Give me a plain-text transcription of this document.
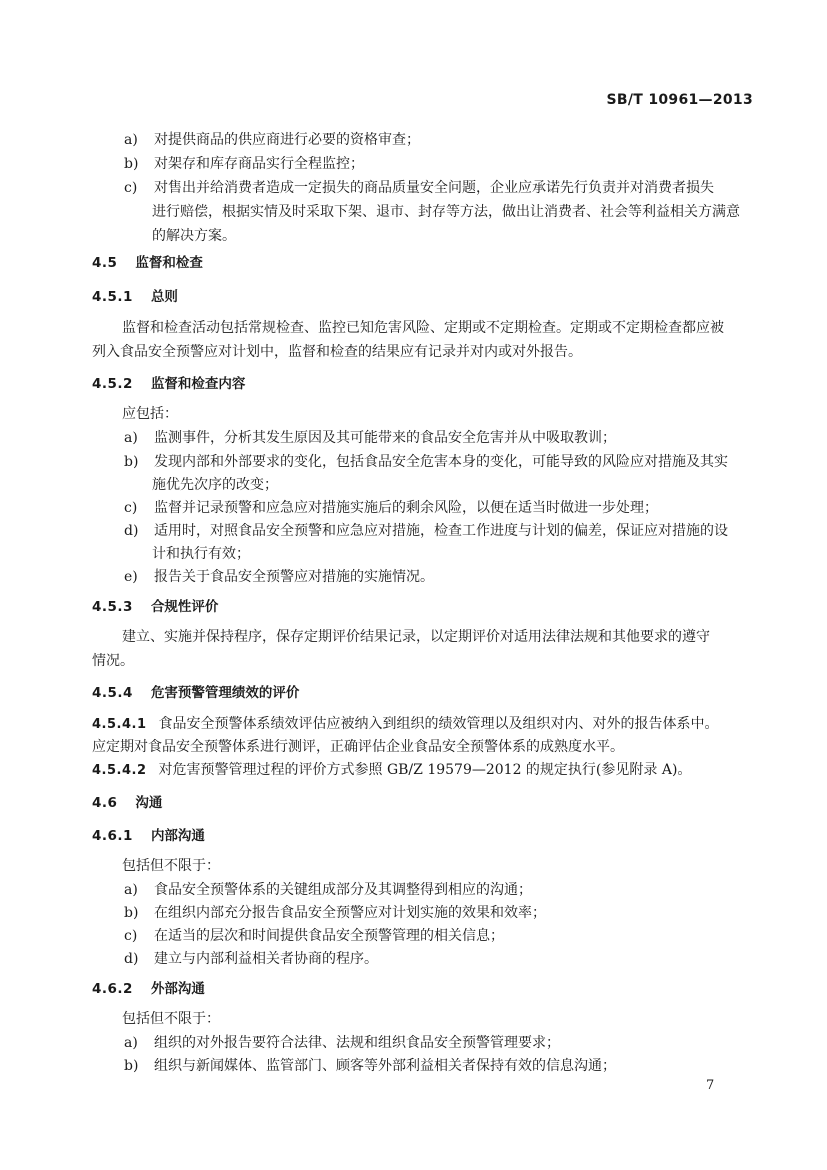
SB/T 10961—2013
a) 对提供商品的供应商进行必要的资格审查；
b) 对架存和库存商品实行全程监控；
c) 对售出并给消费者造成一定损失的商品质量安全问题，企业应承诺先行负责并对消费者损失
进行赔偿，根据实情及时采取下架、退市、封存等方法，做出让消费者、社会等利益相关方满意
的解决方案。
4.5 监督和检查
4.5.1 总则
监督和检查活动包括常规检查、监控已知危害风险、定期或不定期检查。定期或不定期检查都应被
列入食品安全预警应对计划中，监督和检查的结果应有记录并对内或对外报告。
4.5.2 监督和检查内容
应包括：
a) 监测事件，分析其发生原因及其可能带来的食品安全危害并从中吸取教训；
b) 发现内部和外部要求的变化，包括食品安全危害本身的变化，可能导致的风险应对措施及其实
施优先次序的改变；
c) 监督并记录预警和应急应对措施实施后的剩余风险，以便在适当时做进一步处理；
d) 适用时，对照食品安全预警和应急应对措施，检查工作进度与计划的偏差，保证应对措施的设
计和执行有效；
e) 报告关于食品安全预警应对措施的实施情况。
4.5.3 合规性评价
建立、实施并保持程序，保存定期评价结果记录，以定期评价对适用法律法规和其他要求的遵守
情况。
4.5.4 危害预警管理绩效的评价
4.5.4.1 食品安全预警体系绩效评估应被纳入到组织的绩效管理以及组织对内、对外的报告体系中。
应定期对食品安全预警体系进行测评，正确评估企业食品安全预警体系的成熟度水平。
4.5.4.2 对危害预警管理过程的评价方式参照 GB/Z 19579—2012 的规定执行(参见附录 A)。
4.6 沟通
4.6.1 内部沟通
包括但不限于：
a) 食品安全预警体系的关键组成部分及其调整得到相应的沟通；
b) 在组织内部充分报告食品安全预警应对计划实施的效果和效率；
c) 在适当的层次和时间提供食品安全预警管理的相关信息；
d) 建立与内部利益相关者协商的程序。
4.6.2 外部沟通
包括但不限于：
a) 组织的对外报告要符合法律、法规和组织食品安全预警管理要求；
b) 组织与新闻媒体、监管部门、顾客等外部利益相关者保持有效的信息沟通；
7
